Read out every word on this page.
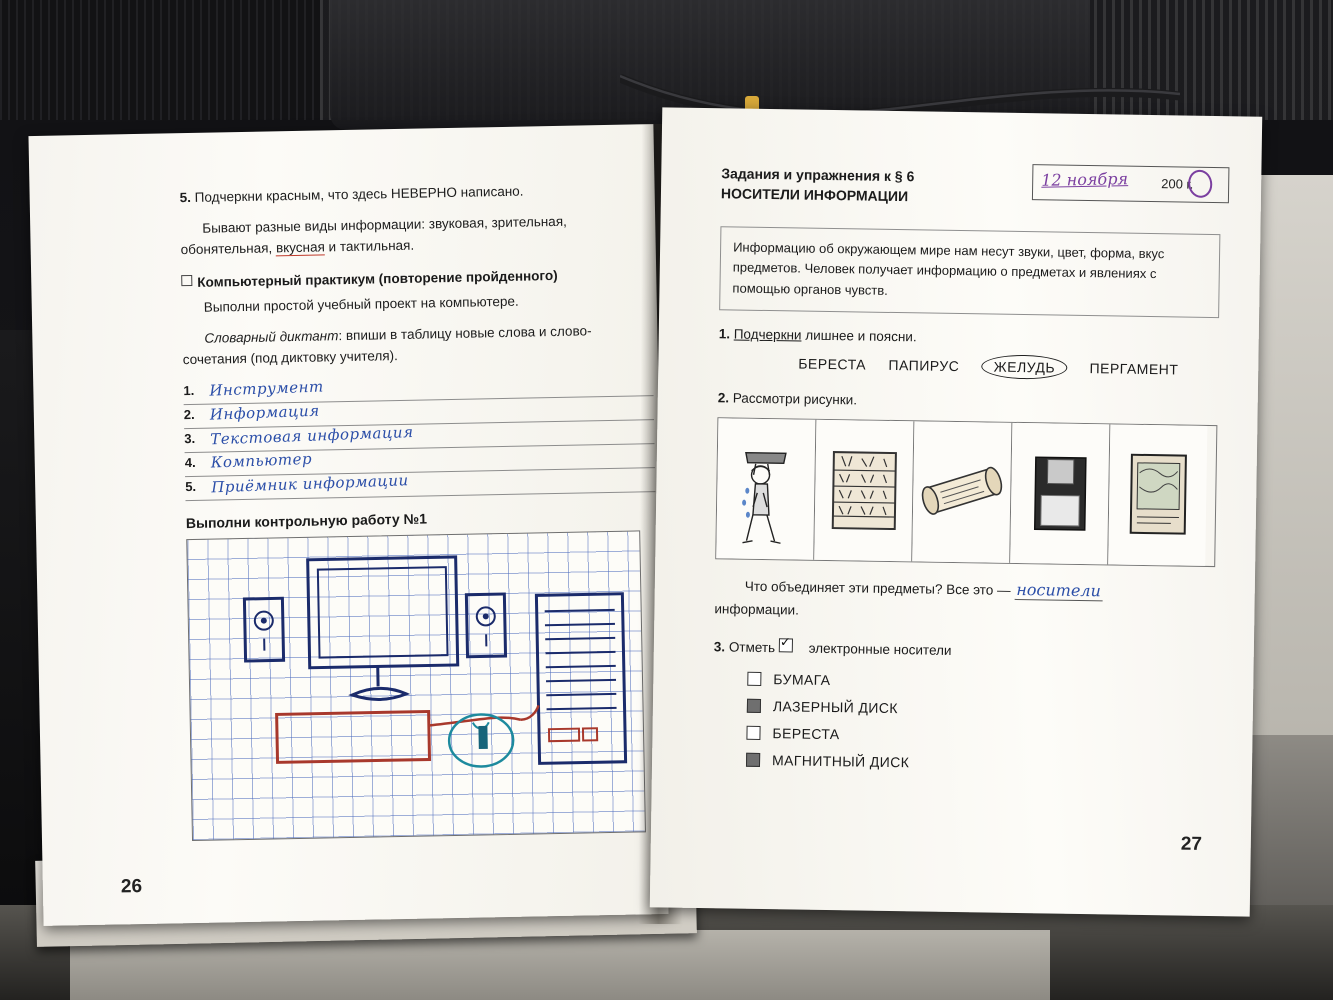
5. Подчеркни красным, что здесь НЕВЕРНО написано.

Бывают разные виды информации: звуковая, зрительная,
обонятельная, вкусная и тактильная.

Компьютерный практикум (повторение пройденного)

Выполни простой учебный проект на компьютере.

Словарный диктант: впиши в таблицу новые слова и слово-
сочетания (под диктовку учителя).

1. Инструмент
2. Информация
3. Текстовая информация
4. Компьютер
5. Приёмник информации
Выполни контрольную работу №1
26
Задания и упражнения к § 6
НОСИТЕЛИ ИНФОРМАЦИИ
12 ноября	200 г.
Информацию об окружающем мире нам несут звуки, цвет, форма, вкус предметов. Человек получает информацию о предметах и явлениях с помощью органов чувств.
1. Подчеркни лишнее и поясни.
БЕРЕСТА ПАПИРУС ЖЕЛУДЬ ПЕРГАМЕНТ
2. Рассмотри рисунки.
Что объединяет эти предметы? Все это — носители
информации.
3. Отметь ✓ электронные носители
БУМАГА
ЛАЗЕРНЫЙ ДИСК
БЕРЕСТА
МАГНИТНЫЙ ДИСК
27
